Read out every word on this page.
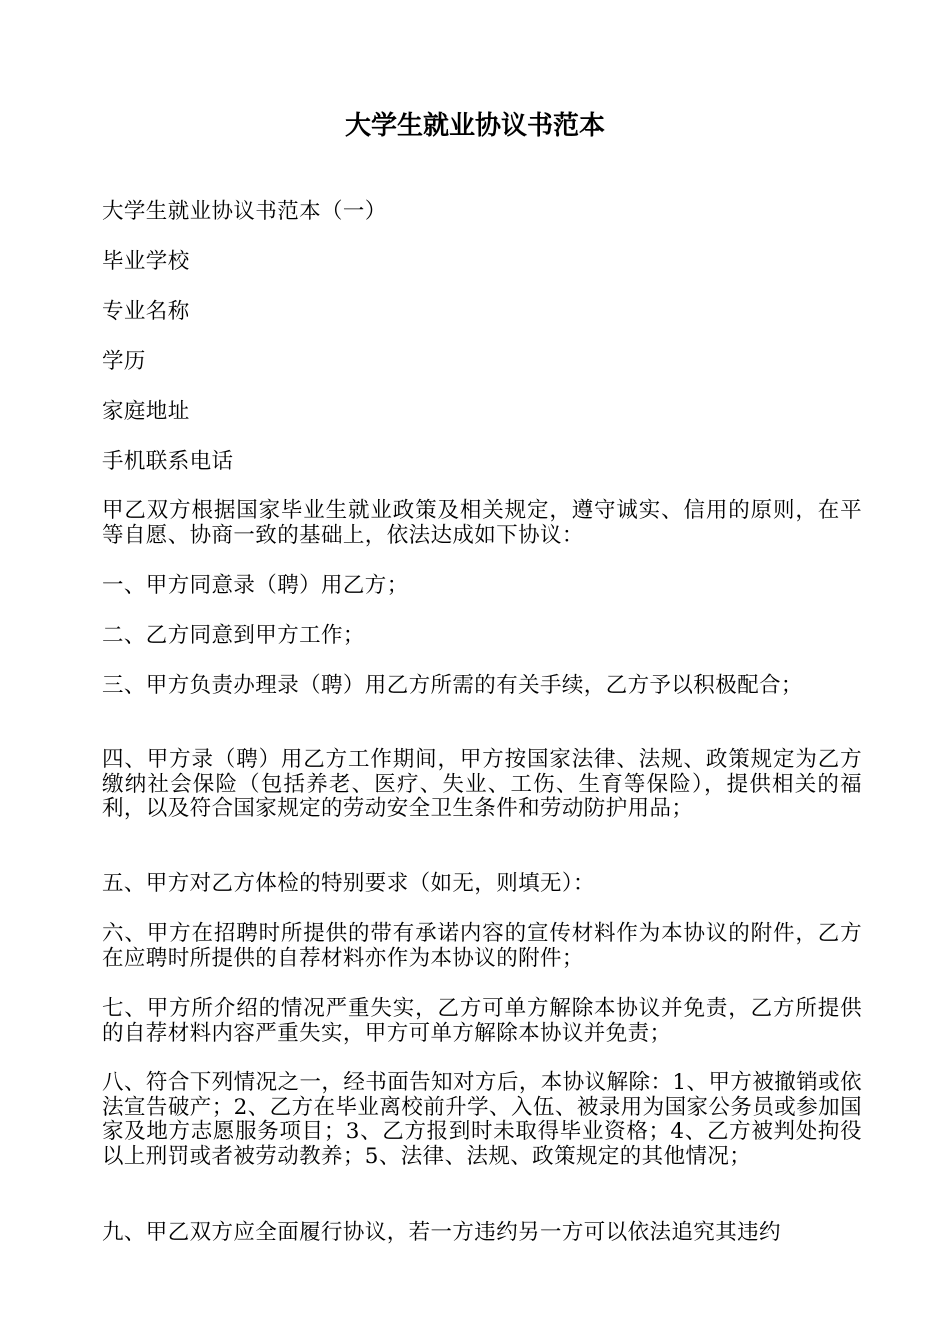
大学生就业协议书范本

大学生就业协议书范本（一）

毕业学校

专业名称

学历

家庭地址

手机联系电话

甲乙双方根据国家毕业生就业政策及相关规定，遵守诚实、信用的原则，在平等自愿、协商一致的基础上，依法达成如下协议：

一、甲方同意录（聘）用乙方；

二、乙方同意到甲方工作；

三、甲方负责办理录（聘）用乙方所需的有关手续，乙方予以积极配合；

四、甲方录（聘）用乙方工作期间，甲方按国家法律、法规、政策规定为乙方缴纳社会保险（包括养老、医疗、失业、工伤、生育等保险），提供相关的福利，以及符合国家规定的劳动安全卫生条件和劳动防护用品；

五、甲方对乙方体检的特别要求（如无，则填无）：

六、甲方在招聘时所提供的带有承诺内容的宣传材料作为本协议的附件，乙方在应聘时所提供的自荐材料亦作为本协议的附件；

七、甲方所介绍的情况严重失实，乙方可单方解除本协议并免责，乙方所提供的自荐材料内容严重失实，甲方可单方解除本协议并免责；

八、符合下列情况之一，经书面告知对方后，本协议解除：1、甲方被撤销或依法宣告破产；2、乙方在毕业离校前升学、入伍、被录用为国家公务员或参加国家及地方志愿服务项目；3、乙方报到时未取得毕业资格；4、乙方被判处拘役以上刑罚或者被劳动教养；5、法律、法规、政策规定的其他情况；

九、甲乙双方应全面履行协议，若一方违约另一方可以依法追究其违约
